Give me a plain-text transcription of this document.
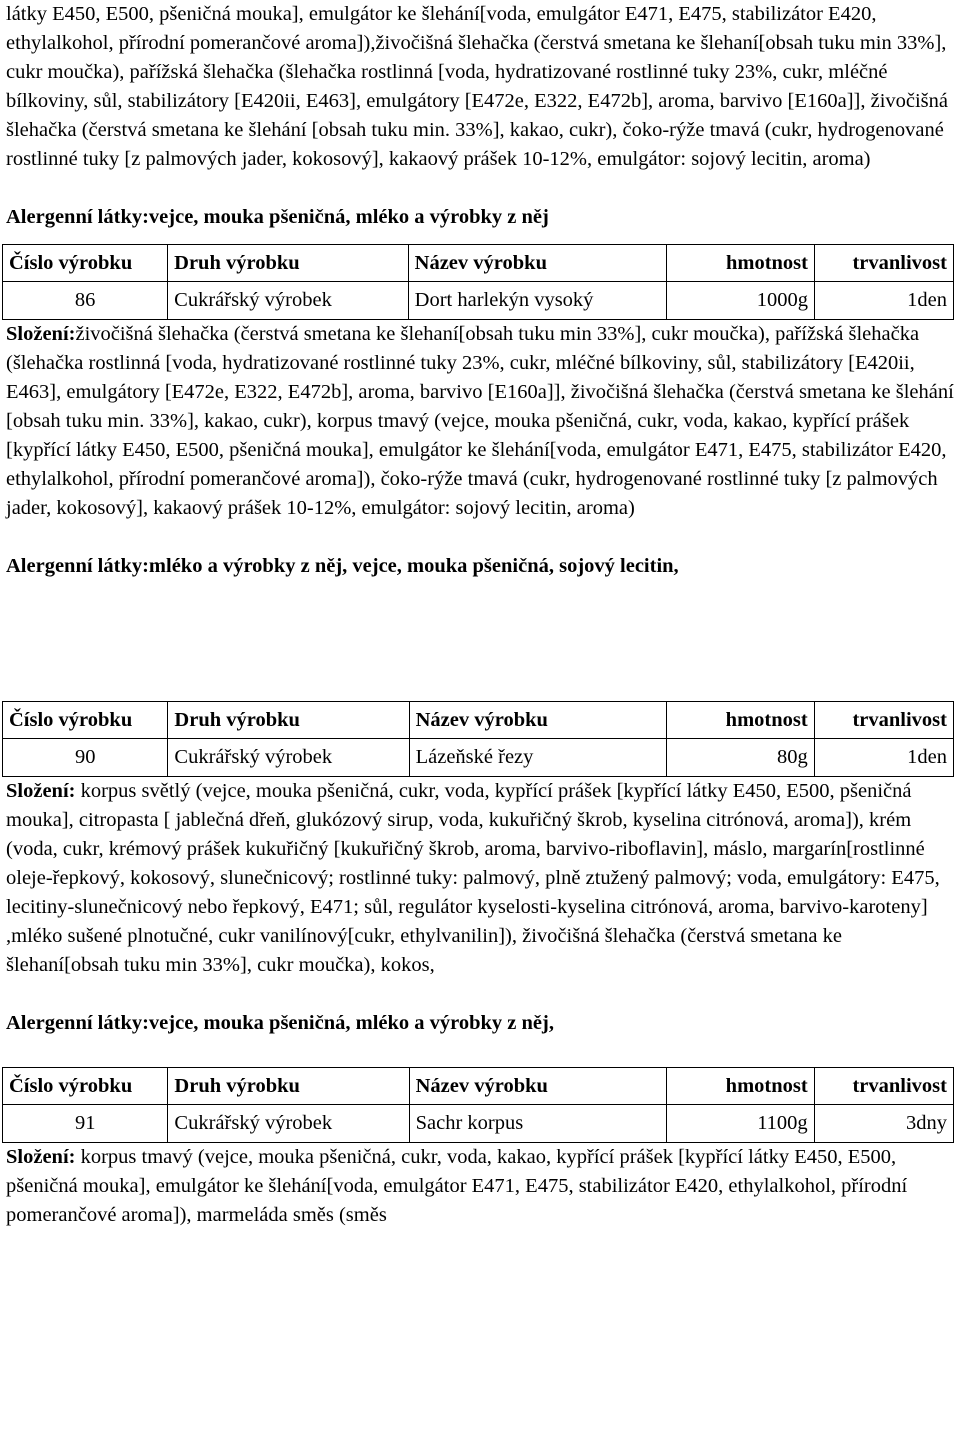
látky E450, E500, pšeničná mouka], emulgátor ke šlehání[voda, emulgátor E471, E475, stabilizátor E420, ethylalkohol, přírodní pomerančové aroma]),živočišná šlehačka (čerstvá smetana ke šlehaní[obsah tuku min 33%], cukr moučka), pařížská šlehačka (šlehačka rostlinná [voda, hydratizované rostlinné tuky 23%, cukr, mléčné bílkoviny, sůl, stabilizátory [E420ii, E463], emulgátory [E472e, E322, E472b], aroma, barvivo [E160a]], živočišná šlehačka (čerstvá smetana ke šlehání [obsah tuku min. 33%], kakao, cukr), čoko-rýže tmavá (cukr, hydrogenované rostlinné tuky [z palmových jader, kokosový], kakaový prášek 10-12%, emulgátor: sojový lecitin, aroma)

Alergenní látky:vejce, mouka pšeničná, mléko a výrobky z něj

Číslo výrobku	Druh výrobku	Název výrobku	hmotnost	trvanlivost
86	Cukrářský výrobek	Dort harlekýn vysoký	1000g	1den

Složení:živočišná šlehačka (čerstvá smetana ke šlehaní[obsah tuku min 33%], cukr moučka), pařížská šlehačka (šlehačka rostlinná [voda, hydratizované rostlinné tuky 23%, cukr, mléčné bílkoviny, sůl, stabilizátory [E420ii, E463], emulgátory [E472e, E322, E472b], aroma, barvivo [E160a]], živočišná šlehačka (čerstvá smetana ke šlehání [obsah tuku min. 33%], kakao, cukr), korpus tmavý (vejce, mouka pšeničná, cukr, voda, kakao, kypřící prášek [kypřící látky E450, E500, pšeničná mouka], emulgátor ke šlehání[voda, emulgátor E471, E475, stabilizátor E420, ethylalkohol, přírodní pomerančové aroma]), čoko-rýže tmavá (cukr, hydrogenované rostlinné tuky [z palmových jader, kokosový], kakaový prášek 10-12%, emulgátor: sojový lecitin, aroma)

Alergenní látky:mléko a výrobky z něj, vejce, mouka pšeničná, sojový lecitin,

Číslo výrobku	Druh výrobku	Název výrobku	hmotnost	trvanlivost
90	Cukrářský výrobek	Lázeňské řezy	80g	1den

Složení: korpus světlý (vejce, mouka pšeničná, cukr, voda, kypřící prášek [kypřící látky E450, E500, pšeničná mouka], citropasta [ jablečná dřeň, glukózový sirup, voda, kukuřičný škrob, kyselina citrónová, aroma]), krém (voda, cukr, krémový prášek kukuřičný [kukuřičný škrob, aroma, barvivo-riboflavin], máslo, margarín[rostlinné oleje-řepkový, kokosový, slunečnicový; rostlinné tuky: palmový, plně ztužený palmový; voda, emulgátory: E475, lecitiny-slunečnicový nebo řepkový, E471; sůl, regulátor kyselosti-kyselina citrónová, aroma, barvivo-karoteny] ,mléko sušené plnotučné, cukr vanilínový[cukr, ethylvanilin]), živočišná šlehačka (čerstvá smetana ke šlehaní[obsah tuku min 33%], cukr moučka), kokos,

Alergenní látky:vejce, mouka pšeničná, mléko a výrobky z něj,

Číslo výrobku	Druh výrobku	Název výrobku	hmotnost	trvanlivost
91	Cukrářský výrobek	Sachr korpus	1100g	3dny

Složení: korpus tmavý (vejce, mouka pšeničná, cukr, voda, kakao, kypřící prášek [kypřící látky E450, E500, pšeničná mouka], emulgátor ke šlehání[voda, emulgátor E471, E475, stabilizátor E420, ethylalkohol, přírodní pomerančové aroma]), marmeláda směs (směs
